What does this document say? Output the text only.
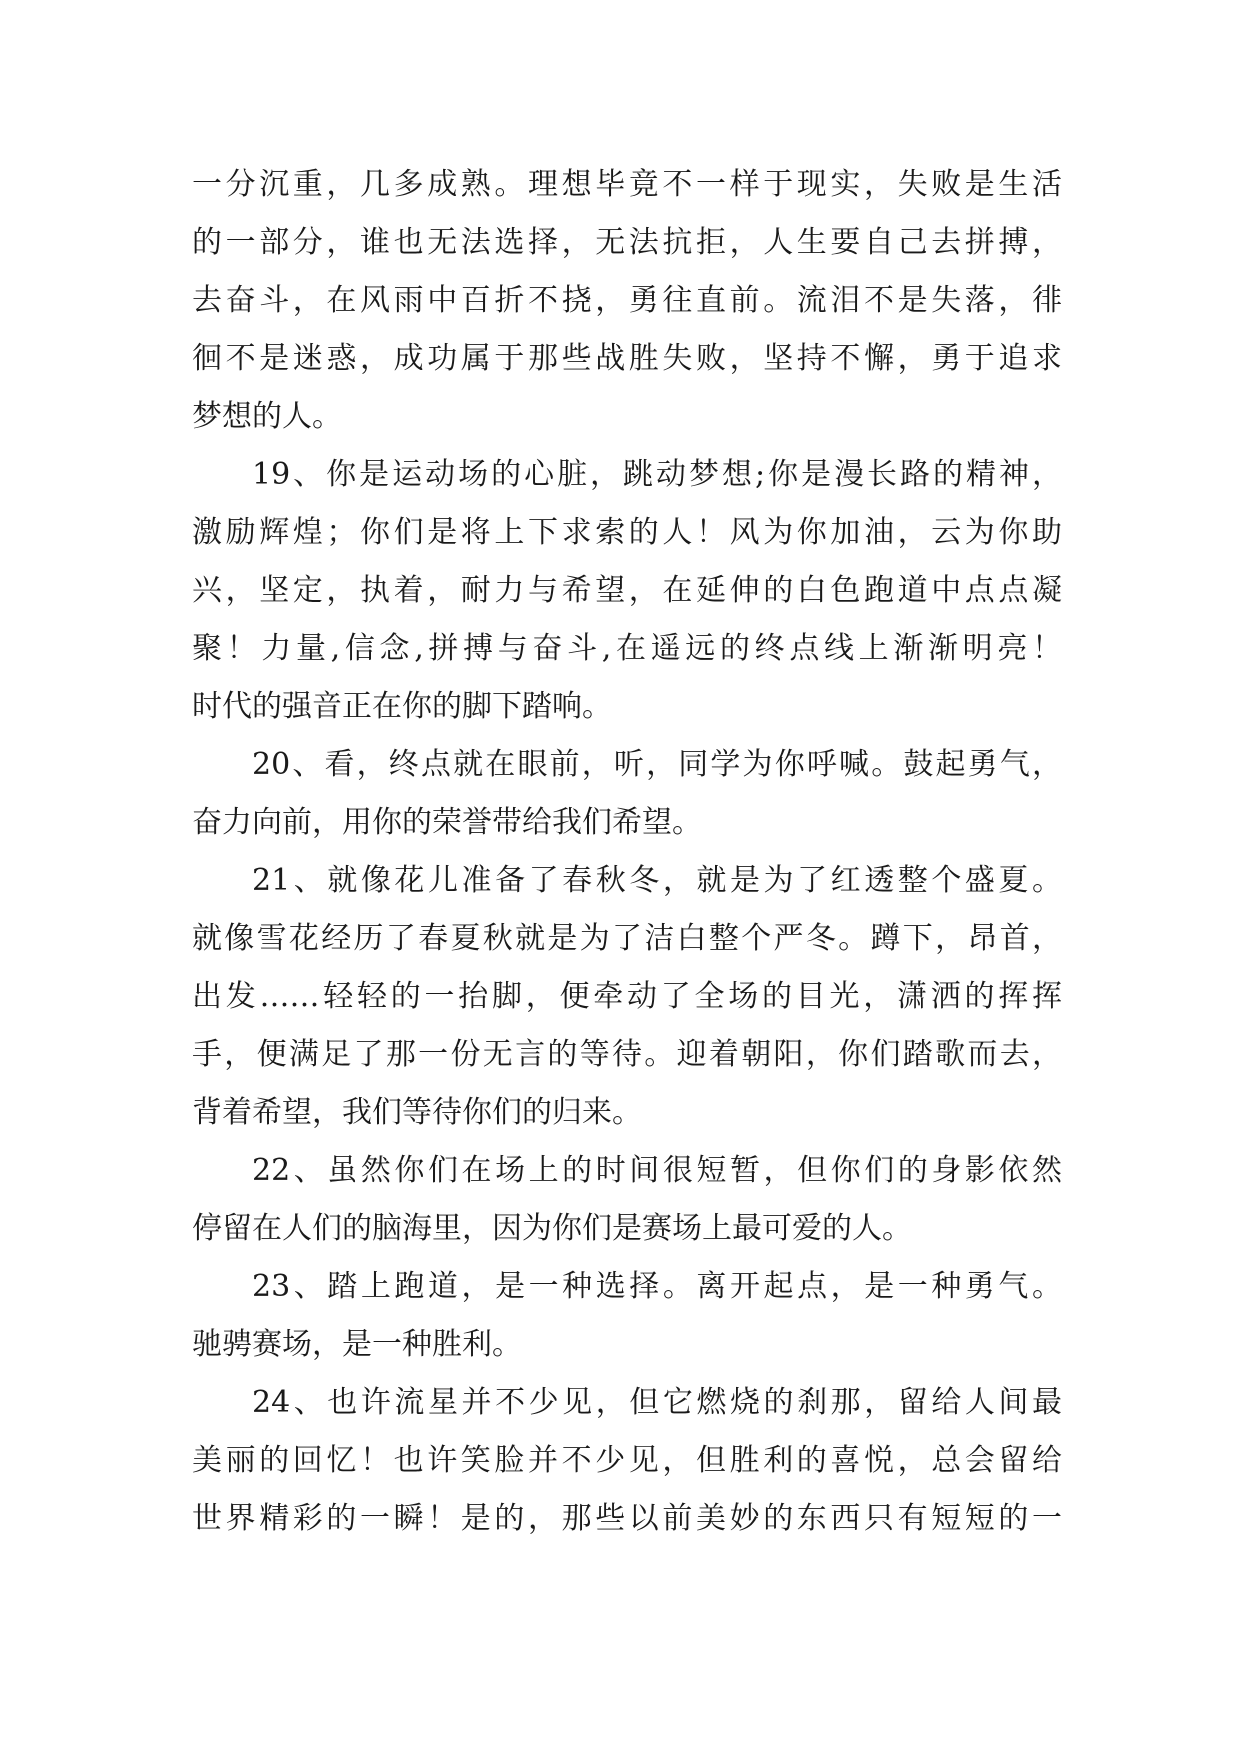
一分沉重，几多成熟。理想毕竟不一样于现实，失败是生活
的一部分，谁也无法选择，无法抗拒，人生要自己去拼搏，
去奋斗，在风雨中百折不挠，勇往直前。流泪不是失落，徘
徊不是迷惑，成功属于那些战胜失败，坚持不懈，勇于追求
梦想的人。
19、你是运动场的心脏，跳动梦想;你是漫长路的精神，
激励辉煌；你们是将上下求索的人！风为你加油，云为你助
兴，坚定，执着，耐力与希望，在延伸的白色跑道中点点凝
聚！力量,信念,拼搏与奋斗,在遥远的终点线上渐渐明亮！
时代的强音正在你的脚下踏响。
20、看，终点就在眼前，听，同学为你呼喊。鼓起勇气，
奋力向前，用你的荣誉带给我们希望。
21、就像花儿准备了春秋冬，就是为了红透整个盛夏。
就像雪花经历了春夏秋就是为了洁白整个严冬。蹲下，昂首，
出发……轻轻的一抬脚，便牵动了全场的目光，潇洒的挥挥
手，便满足了那一份无言的等待。迎着朝阳，你们踏歌而去，
背着希望，我们等待你们的归来。
22、虽然你们在场上的时间很短暂，但你们的身影依然
停留在人们的脑海里，因为你们是赛场上最可爱的人。
23、踏上跑道，是一种选择。离开起点，是一种勇气。
驰骋赛场，是一种胜利。
24、也许流星并不少见，但它燃烧的刹那，留给人间最
美丽的回忆！也许笑脸并不少见，但胜利的喜悦，总会留给
世界精彩的一瞬！是的，那些以前美妙的东西只有短短的一
